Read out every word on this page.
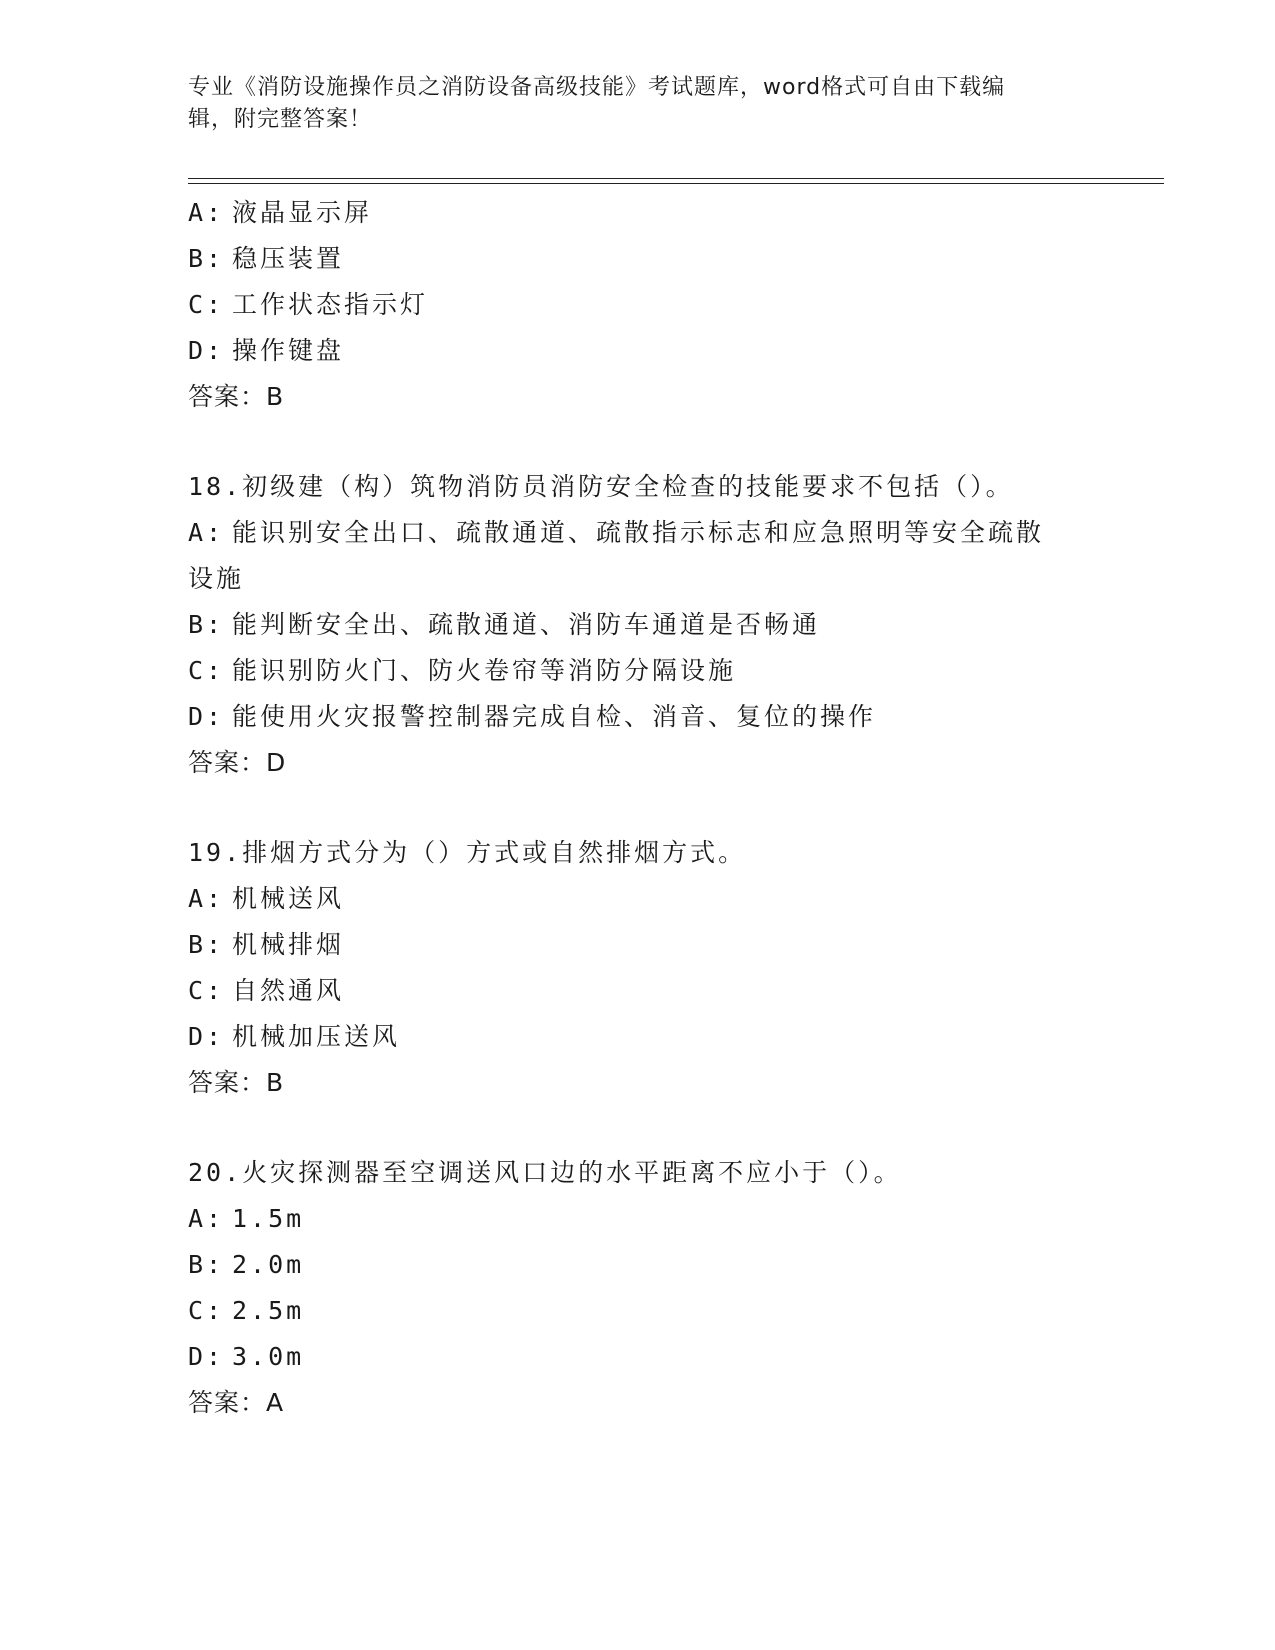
专业《消防设施操作员之消防设备高级技能》考试题库，word格式可自由下载编
辑，附完整答案！
A: 液晶显示屏
B: 稳压装置
C: 工作状态指示灯
D: 操作键盘
答案：B
18.初级建（构）筑物消防员消防安全检查的技能要求不包括（）。
A: 能识别安全出口、疏散通道、疏散指示标志和应急照明等安全疏散
设施
B: 能判断安全出、疏散通道、消防车通道是否畅通
C: 能识别防火门、防火卷帘等消防分隔设施
D: 能使用火灾报警控制器完成自检、消音、复位的操作
答案：D
19.排烟方式分为（）方式或自然排烟方式。
A: 机械送风
B: 机械排烟
C: 自然通风
D: 机械加压送风
答案：B
20.火灾探测器至空调送风口边的水平距离不应小于（）。
A: 1.5m
B: 2.0m
C: 2.5m
D: 3.0m
答案：A
